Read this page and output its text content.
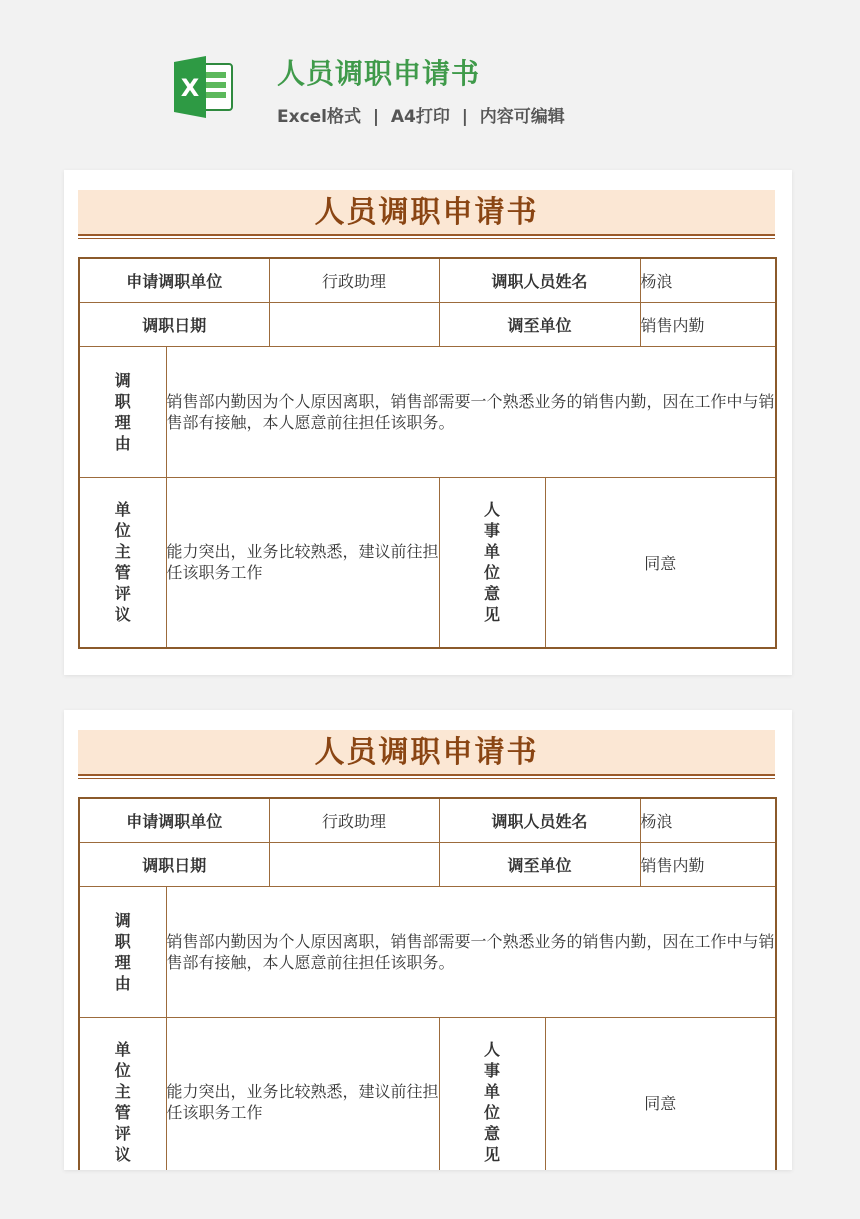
X	人员调职申请书
Excel格式  |  A4打印  |  内容可编辑
人员调职申请书
申请调职单位		行政助理	调职人员姓名		杨浪
调职日期			调至单位		销售内勤

调职理由	销售部内勤因为个人原因离职，销售部需要一个熟悉业务的销售内勤，因在工作中与销售部有接触，本人愿意前往担任该职务。				

单位主管评议	能力突出，业务比较熟悉，建议前往担任该职务工作		人事单位意见	同意	
人员调职申请书
申请调职单位		行政助理	调职人员姓名		杨浪
调职日期			调至单位		销售内勤

调职理由	销售部内勤因为个人原因离职，销售部需要一个熟悉业务的销售内勤，因在工作中与销售部有接触，本人愿意前往担任该职务。				

单位主管评议	能力突出，业务比较熟悉，建议前往担任该职务工作		人事单位意见	同意	
